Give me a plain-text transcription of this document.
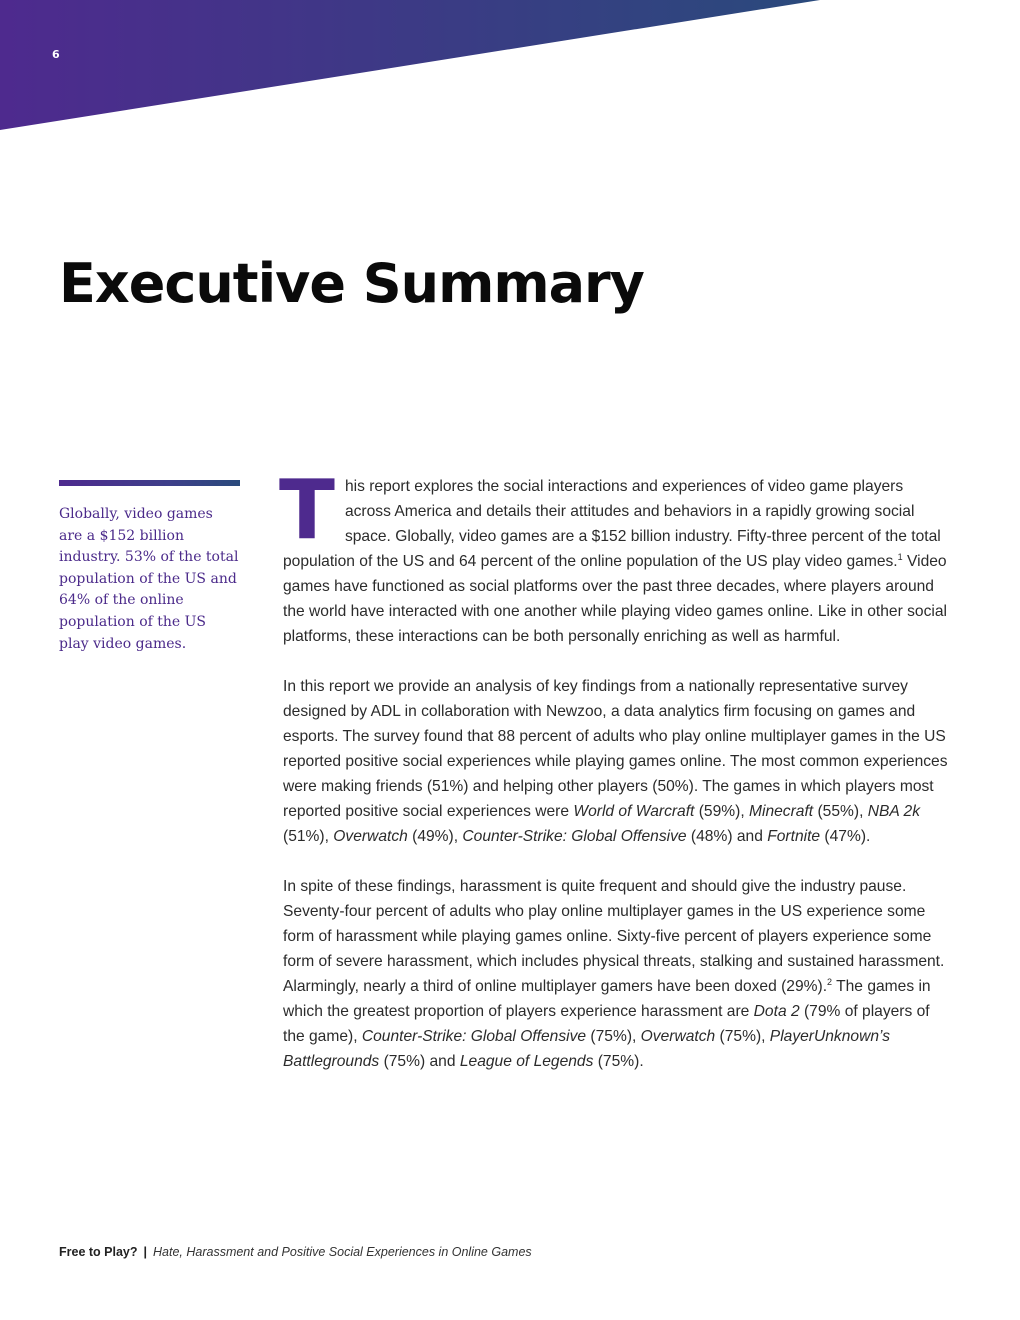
6
Executive Summary
Globally, video games are a $152 billion industry. 53% of the total population of the US and 64% of the online population of the US play video games.

This report explores the social interactions and experiences of video game players across America and details their attitudes and behaviors in a rapidly growing social space. Globally, video games are a $152 billion industry. Fifty-three percent of the total population of the US and 64 percent of the online population of the US play video games.$^1$ Video games have functioned as social platforms over the past three decades, where players around the world have interacted with one another while playing video games online. Like in other social platforms, these interactions can be both personally enriching as well as harmful.

In this report we provide an analysis of key findings from a nationally representative survey designed by ADL in collaboration with Newzoo, a data analytics firm focusing on games and esports. The survey found that 88 percent of adults who play online multiplayer games in the US reported positive social experiences while playing games online. The most common experiences were making friends (51%) and helping other players (50%). The games in which players most reported positive social experiences were World of Warcraft (59%), Minecraft (55%), NBA 2k (51%), Overwatch (49%), Counter-Strike: Global Offensive (48%) and Fortnite (47%).

In spite of these findings, harassment is quite frequent and should give the industry pause. Seventy-four percent of adults who play online multiplayer games in the US experience some form of harassment while playing games online. Sixty-five percent of players experience some form of severe harassment, which includes physical threats, stalking and sustained harassment. Alarmingly, nearly a third of online multiplayer gamers have been doxed (29%).$^2$ The games in which the greatest proportion of players experience harassment are Dota 2 (79% of players of the game), Counter-Strike: Global Offensive (75%), Overwatch (75%), PlayerUnknown’s Battlegrounds (75%) and League of Legends (75%).

Free to Play? | Hate, Harassment and Positive Social Experiences in Online Games
